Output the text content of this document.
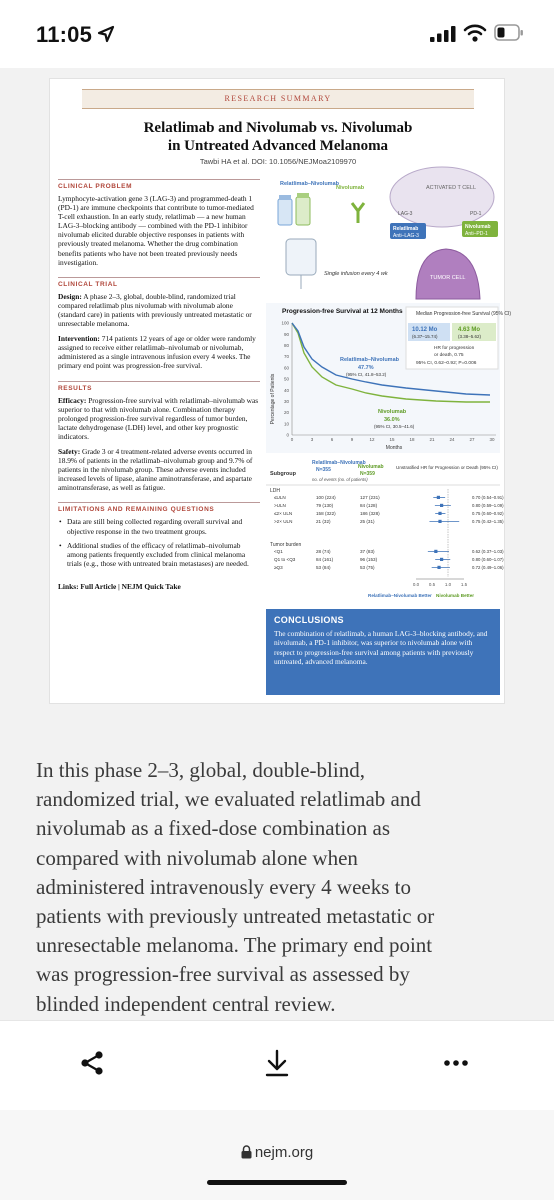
11:05
RESEARCH SUMMARY
Relatlimab and Nivolumab vs. Nivolumab
in Untreated Advanced Melanoma
Tawbi HA et al. DOI: 10.1056/NEJMoa2109970
CLINICAL PROBLEM
Lymphocyte-activation gene 3 (LAG-3) and programmed-death 1 (PD-1) are immune checkpoints that contribute to tumor-mediated T-cell exhaustion. In an early study, relatlimab — a new human LAG-3–blocking antibody — combined with the PD-1 inhibitor nivolumab elicited durable objective responses in patients with previously treated melanoma. Whether the drug combination benefits patients who have not been treated previously needs investigation.
CLINICAL TRIAL
Design: A phase 2–3, global, double-blind, randomized trial compared relatlimab plus nivolumab with nivolumab alone (standard care) in patients with previously untreated metastatic or unresectable melanoma.
Intervention: 714 patients 12 years of age or older were randomly assigned to receive either relatlimab–nivolumab or nivolumab, administered as a single intravenous infusion every 4 weeks. The primary end point was progression-free survival.
RESULTS
Efficacy: Progression-free survival with relatlimab–nivolumab was superior to that with nivolumab alone. Combination therapy prolonged progression-free survival regardless of tumor burden, lactate dehydrogenase (LDH) level, and other key prognostic indicators.
Safety: Grade 3 or 4 treatment-related adverse events occurred in 18.9% of patients in the relatlimab–nivolumab group and 9.7% of patients in the nivolumab group. These adverse events included increased levels of lipase, alanine aminotransferase, and aspartate aminotransferase, as well as fatigue.
LIMITATIONS AND REMAINING QUESTIONS
• Data are still being collected regarding overall survival and objective response in the two treatment groups.
• Additional studies of the efficacy of relatlimab–nivolumab among patients frequently excluded from clinical melanoma trials (e.g., those with untreated brain metastases) are needed.
Links: Full Article | NEJM Quick Take
Relatlimab–Nivolumab
Nivolumab
Single infusion every 4 wk
ACTIVATED T CELL
LAG-3	PD-1
Relatlimab
Anti–LAG-3
Nivolumab
Anti–PD-1
TUMOR CELL
Progression-free Survival at 12 Months	Median Progression-free Survival (95% CI)
10.12 Mo
(6.37–15.74)
4.63 Mo
(3.38–5.62)
HR for progression
or death, 0.75
95% CI, 0.62–0.92; P=0.006
Percentage of Patients
Months
100
90
80
70
60
50
40
30
20
10
0
0	3	6	9	12	15	18	21	24	27	30
Relatlimab–Nivolumab
47.7%
(95% CI, 41.8–53.2)
Nivolumab
36.0%
(95% CI, 30.5–41.6)
Relatlimab–Nivolumab
N=355	Nivolumab
N=359
Subgroup
Unstratified HR for Progression or Death (95% CI)
no. of events (no. of patients)
LDH
Tumor burden
≤ULN	100 (224)	127 (231)	0.70 (0.54–0.91)
>ULN	79 (130)	84 (128)	0.80 (0.59–1.09)
≤2× ULN	158 (322)	186 (328)	0.75 (0.60–0.92)
>2× ULN	21 (32)	25 (31)	0.75 (0.42–1.35)
<Q1	28 (74)	37 (83)	0.62 (0.37–1.03)
Q1 to <Q3	84 (161)	96 (153)	0.80 (0.60–1.07)
≥Q3	53 (84)	53 (75)	0.72 (0.49–1.06)
0.0 0.5 1.0 1.5
Relatlimab–Nivolumab Better Nivolumab Better
CONCLUSIONS
The combination of relatlimab, a human LAG-3–blocking antibody, and nivolumab, a PD-1 inhibitor, was superior to nivolumab alone with respect to progression-free survival among patients with previously untreated, advanced melanoma.
In this phase 2–3, global, double-blind,
randomized trial, we evaluated relatlimab and
nivolumab as a fixed-dose combination as
compared with nivolumab alone when
administered intravenously every 4 weeks to
patients with previously untreated metastatic or
unresectable melanoma. The primary end point
was progression-free survival as assessed by
blinded independent central review.
nejm.org
